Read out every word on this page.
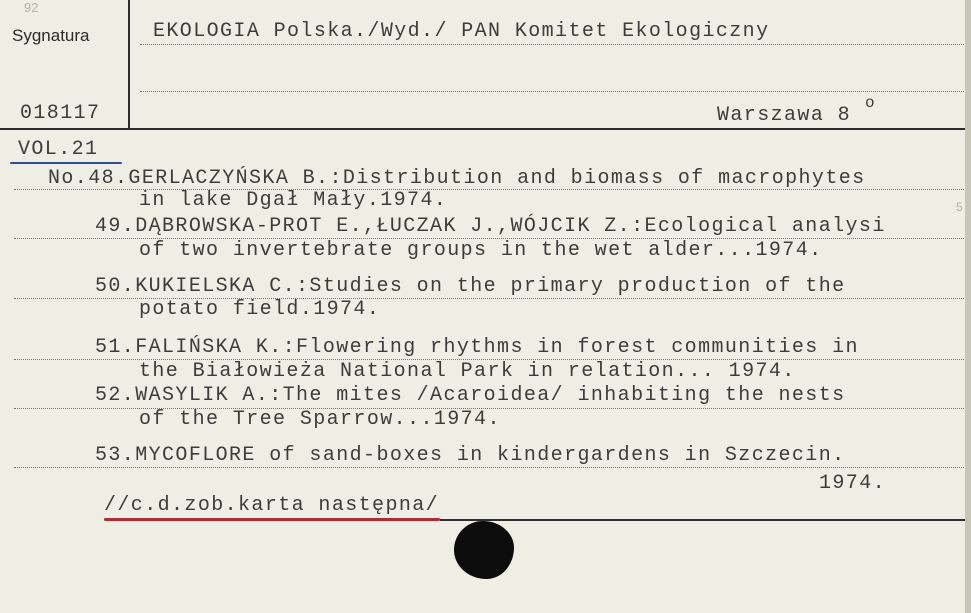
92
Sygnatura
018117
EKOLOGIA Polska./Wyd./ PAN Komitet Ekologiczny
Warszawa 8
o
VOL.21
5
No.48.GERLACZYŃSKA B.:Distribution and biomass of macrophytes
in lake Dgał Mały.1974.
49.DĄBROWSKA-PROT E.,ŁUCZAK J.,WÓJCIK Z.:Ecological analysi
of two invertebrate groups in the wet alder...1974.
50.KUKIELSKA C.:Studies on the primary production of the
potato field.1974.
51.FALIŃSKA K.:Flowering rhythms in forest communities in
the Białowieża National Park in relation... 1974.
52.WASYLIK A.:The mites /Acaroidea/ inhabiting the nests
of the Tree Sparrow...1974.
53.MYCOFLORE of sand-boxes in kindergardens in Szczecin.
1974.
//c.d.zob.karta następna/
